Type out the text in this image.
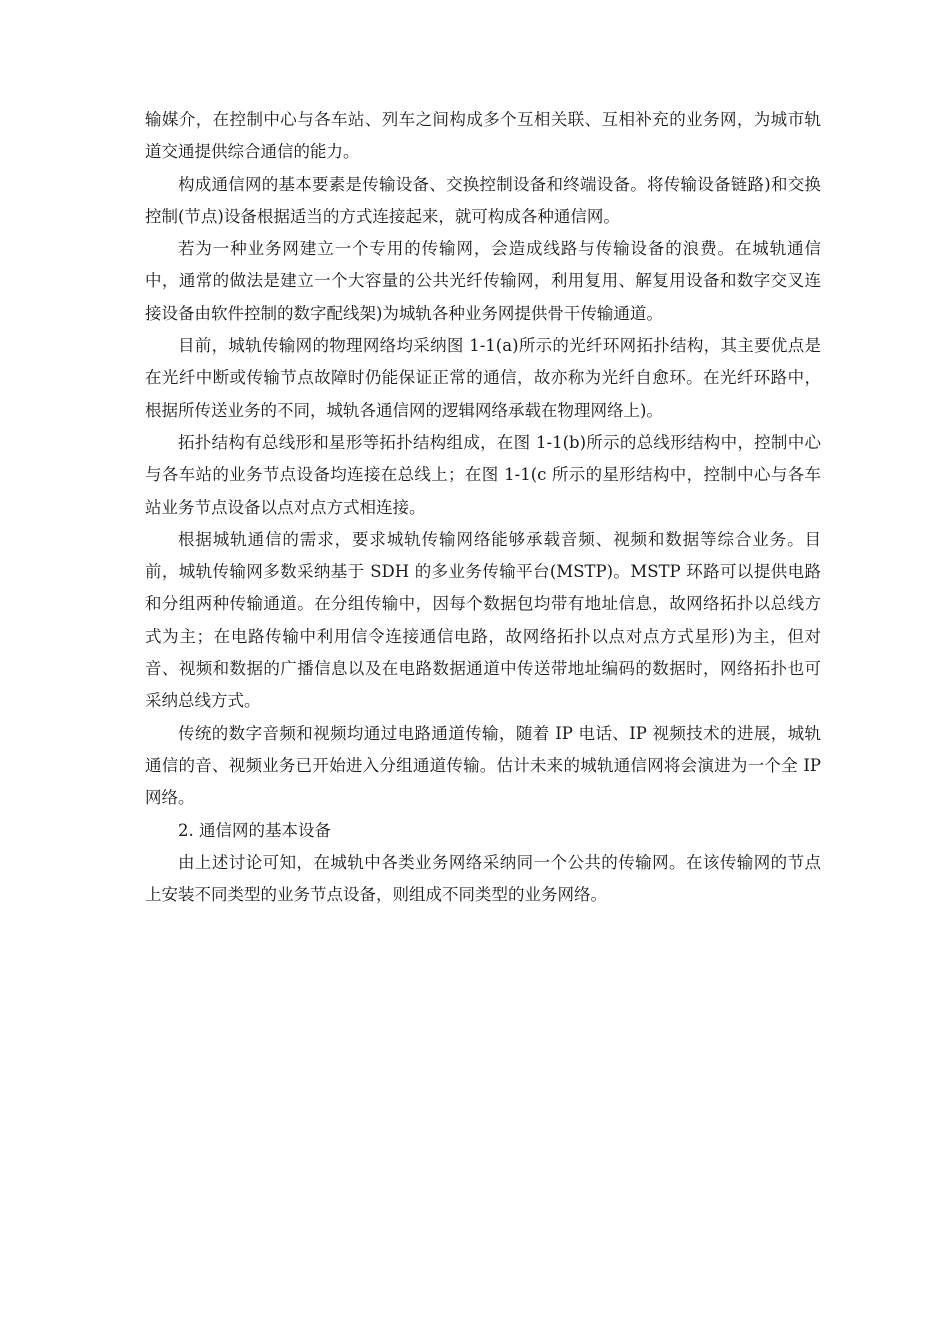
输媒介，在控制中心与各车站、列车之间构成多个互相关联、互相补充的业务网，为城市轨道交通提供综合通信的能力。

构成通信网的基本要素是传输设备、交换控制设备和终端设备。将传输设备链路)和交换控制(节点)设备根据适当的方式连接起来，就可构成各种通信网。

若为一种业务网建立一个专用的传输网，会造成线路与传输设备的浪费。在城轨通信中，通常的做法是建立一个大容量的公共光纤传输网，利用复用、解复用设备和数字交叉连接设备由软件控制的数字配线架)为城轨各种业务网提供骨干传输通道。

目前，城轨传输网的物理网络均采纳图 1-1(a)所示的光纤环网拓扑结构，其主要优点是在光纤中断或传输节点故障时仍能保证正常的通信，故亦称为光纤自愈环。在光纤环路中，根据所传送业务的不同，城轨各通信网的逻辑网络承载在物理网络上)。

拓扑结构有总线形和星形等拓扑结构组成，在图 1-1(b)所示的总线形结构中，控制中心与各车站的业务节点设备均连接在总线上；在图 1-1(c 所示的星形结构中，控制中心与各车站业务节点设备以点对点方式相连接。

根据城轨通信的需求，要求城轨传输网络能够承载音频、视频和数据等综合业务。目前，城轨传输网多数采纳基于 SDH 的多业务传输平台(MSTP)。MSTP 环路可以提供电路和分组两种传输通道。在分组传输中，因每个数据包均带有地址信息，故网络拓扑以总线方式为主；在电路传输中利用信令连接通信电路，故网络拓扑以点对点方式星形)为主，但对音、视频和数据的广播信息以及在电路数据通道中传送带地址编码的数据时，网络拓扑也可采纳总线方式。

传统的数字音频和视频均通过电路通道传输，随着 IP 电话、IP 视频技术的进展，城轨通信的音、视频业务已开始进入分组通道传输。估计未来的城轨通信网将会演进为一个全 IP 网络。

2. 通信网的基本设备

由上述讨论可知，在城轨中各类业务网络采纳同一个公共的传输网。在该传输网的节点上安装不同类型的业务节点设备，则组成不同类型的业务网络。
